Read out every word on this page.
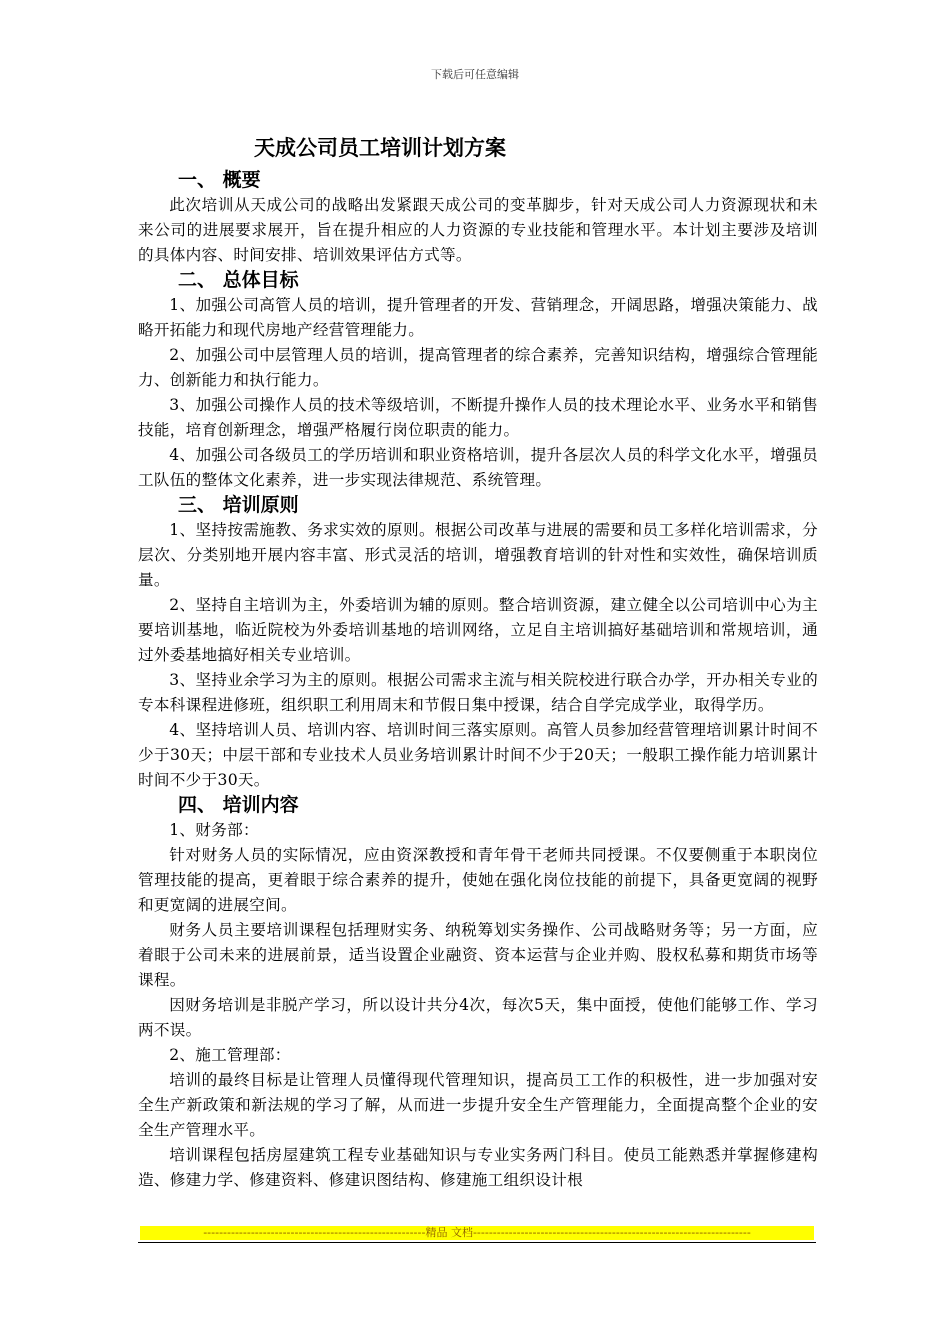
下载后可任意编辑
天成公司员工培训计划方案
一、 概要

此次培训从天成公司的战略出发紧跟天成公司的变革脚步，针对天成公司人力资源现状和未来公司的进展要求展开，旨在提升相应的人力资源的专业技能和管理水平。本计划主要涉及培训的具体内容、时间安排、培训效果评估方式等。

二、 总体目标

1、加强公司高管人员的培训，提升管理者的开发、营销理念，开阔思路，增强决策能力、战略开拓能力和现代房地产经营管理能力。

2、加强公司中层管理人员的培训，提高管理者的综合素养，完善知识结构，增强综合管理能力、创新能力和执行能力。

3、加强公司操作人员的技术等级培训，不断提升操作人员的技术理论水平、业务水平和销售技能，培育创新理念，增强严格履行岗位职责的能力。

4、加强公司各级员工的学历培训和职业资格培训，提升各层次人员的科学文化水平，增强员工队伍的整体文化素养，进一步实现法律规范、系统管理。

三、 培训原则

1、坚持按需施教、务求实效的原则。根据公司改革与进展的需要和员工多样化培训需求，分层次、分类别地开展内容丰富、形式灵活的培训，增强教育培训的针对性和实效性，确保培训质量。

2、坚持自主培训为主，外委培训为辅的原则。整合培训资源，建立健全以公司培训中心为主要培训基地，临近院校为外委培训基地的培训网络，立足自主培训搞好基础培训和常规培训，通过外委基地搞好相关专业培训。

3、坚持业余学习为主的原则。根据公司需求主流与相关院校进行联合办学，开办相关专业的专本科课程进修班，组织职工利用周末和节假日集中授课，结合自学完成学业，取得学历。

4、坚持培训人员、培训内容、培训时间三落实原则。高管人员参加经营管理培训累计时间不少于30天；中层干部和专业技术人员业务培训累计时间不少于20天；一般职工操作能力培训累计时间不少于30天。

四、 培训内容

1、财务部：

针对财务人员的实际情况，应由资深教授和青年骨干老师共同授课。不仅要侧重于本职岗位管理技能的提高，更着眼于综合素养的提升，使她在强化岗位技能的前提下，具备更宽阔的视野和更宽阔的进展空间。

财务人员主要培训课程包括理财实务、纳税筹划实务操作、公司战略财务等；另一方面，应着眼于公司未来的进展前景，适当设置企业融资、资本运营与企业并购、股权私募和期货市场等课程。

因财务培训是非脱产学习，所以设计共分4次，每次5天，集中面授，使他们能够工作、学习两不误。

2、施工管理部：

培训的最终目标是让管理人员懂得现代管理知识，提高员工工作的积极性，进一步加强对安全生产新政策和新法规的学习了解，从而进一步提升安全生产管理能力，全面提高整个企业的安全生产管理水平。

培训课程包括房屋建筑工程专业基础知识与专业实务两门科目。使员工能熟悉并掌握修建构造、修建力学、修建资料、修建识图结构、修建施工组织设计根

--------------------------------------------------------精品 文档----------------------------------------------------------------------
